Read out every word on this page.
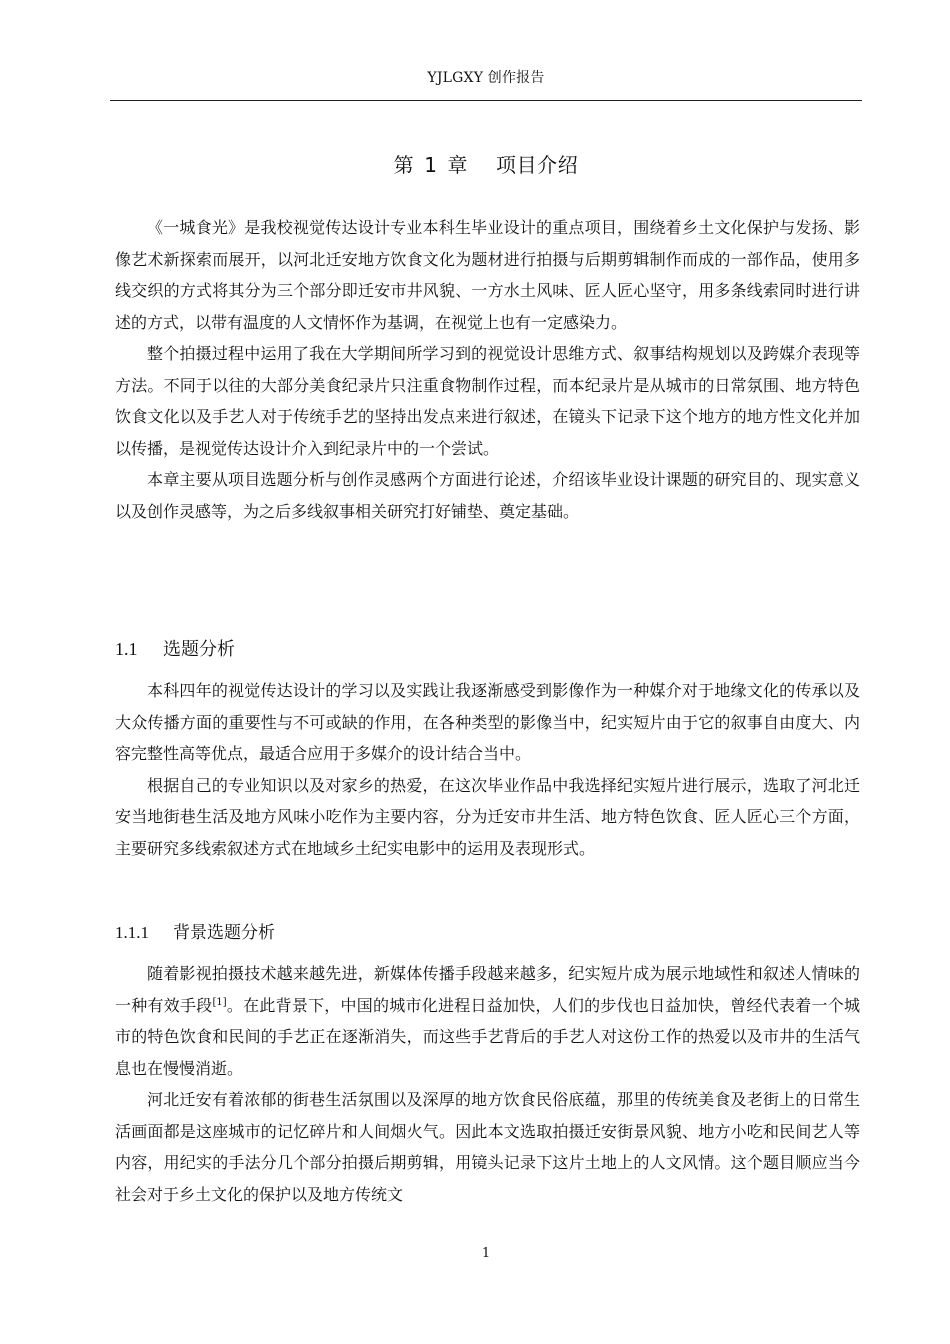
YJLGXY 创作报告
第 1 章 项目介绍

《一城食光》是我校视觉传达设计专业本科生毕业设计的重点项目，围绕着乡土文化保护与发扬、影像艺术新探索而展开，以河北迁安地方饮食文化为题材进行拍摄与后期剪辑制作而成的一部作品，使用多线交织的方式将其分为三个部分即迁安市井风貌、一方水土风味、匠人匠心坚守，用多条线索同时进行讲述的方式，以带有温度的人文情怀作为基调，在视觉上也有一定感染力。

整个拍摄过程中运用了我在大学期间所学习到的视觉设计思维方式、叙事结构规划以及跨媒介表现等方法。不同于以往的大部分美食纪录片只注重食物制作过程，而本纪录片是从城市的日常氛围、地方特色饮食文化以及手艺人对于传统手艺的坚持出发点来进行叙述，在镜头下记录下这个地方的地方性文化并加以传播，是视觉传达设计介入到纪录片中的一个尝试。

本章主要从项目选题分析与创作灵感两个方面进行论述，介绍该毕业设计课题的研究目的、现实意义以及创作灵感等，为之后多线叙事相关研究打好铺垫、奠定基础。

1.1 选题分析

本科四年的视觉传达设计的学习以及实践让我逐渐感受到影像作为一种媒介对于地缘文化的传承以及大众传播方面的重要性与不可或缺的作用，在各种类型的影像当中，纪实短片由于它的叙事自由度大、内容完整性高等优点，最适合应用于多媒介的设计结合当中。

根据自己的专业知识以及对家乡的热爱，在这次毕业作品中我选择纪实短片进行展示，选取了河北迁安当地街巷生活及地方风味小吃作为主要内容，分为迁安市井生活、地方特色饮食、匠人匠心三个方面，主要研究多线索叙述方式在地域乡土纪实电影中的运用及表现形式。

1.1.1 背景选题分析

随着影视拍摄技术越来越先进，新媒体传播手段越来越多，纪实短片成为展示地域性和叙述人情味的一种有效手段[1]。在此背景下，中国的城市化进程日益加快，人们的步伐也日益加快，曾经代表着一个城市的特色饮食和民间的手艺正在逐渐消失，而这些手艺背后的手艺人对这份工作的热爱以及市井的生活气息也在慢慢消逝。

河北迁安有着浓郁的街巷生活氛围以及深厚的地方饮食民俗底蕴，那里的传统美食及老街上的日常生活画面都是这座城市的记忆碎片和人间烟火气。因此本文选取拍摄迁安街景风貌、地方小吃和民间艺人等内容，用纪实的手法分几个部分拍摄后期剪辑，用镜头记录下这片土地上的人文风情。这个题目顺应当今社会对于乡土文化的保护以及地方传统文

1
